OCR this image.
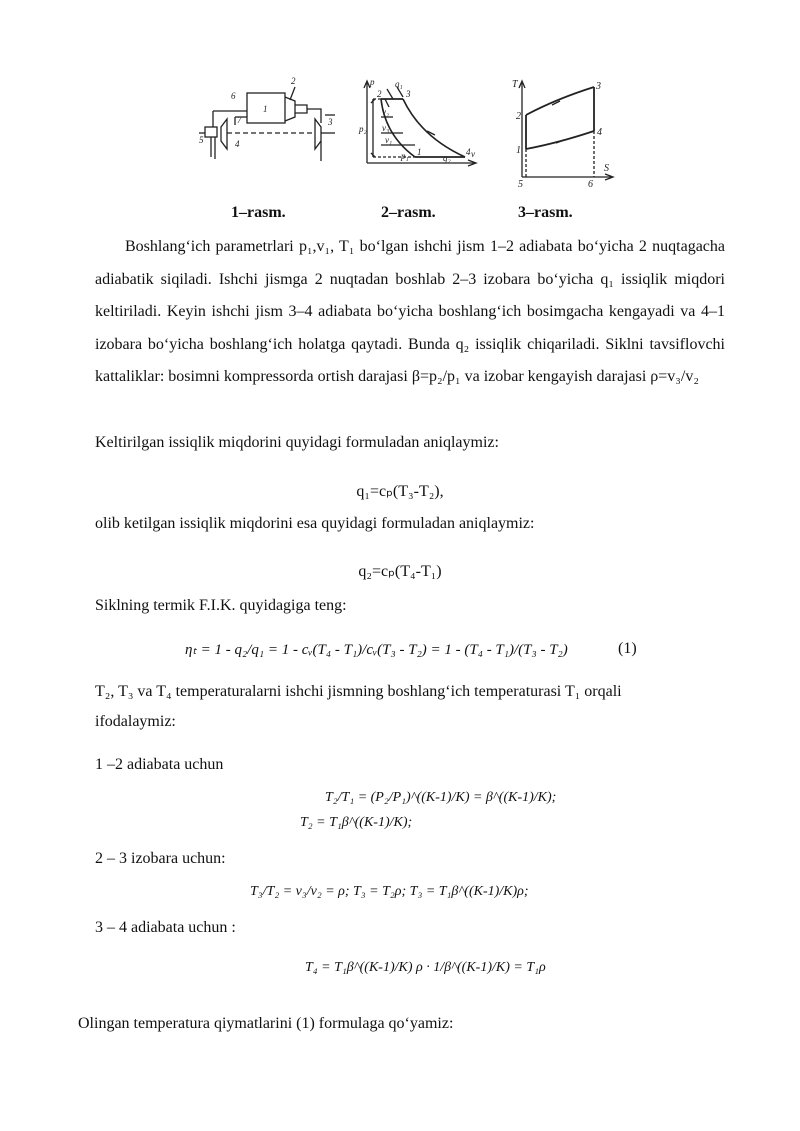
1
2
3
4
5
6
7
p
v
2	3
1	4
p₂
p₁
q₁
q₂
v₂
v₃
v₁
T
S
1
2
3
4
5	6
1–rasm.	2–rasm.	3–rasm.
Boshlang‘ich parametrlari p₁,v₁, T₁ bo‘lgan ishchi jism 1–2 adiabata bo‘yicha 2 nuqtagacha adiabatik siqiladi. Ishchi jismga 2 nuqtadan boshlab 2–3 izobara bo‘yicha q₁ issiqlik miqdori keltiriladi. Keyin ishchi jism 3–4 adiabata bo‘yicha boshlang‘ich bosimgacha kengayadi va 4–1 izobara bo‘yicha boshlang‘ich holatga qaytadi. Bunda q₂ issiqlik chiqariladi. Siklni tavsiflovchi kattaliklar: bosimni kompressorda ortish darajasi β=p₂/p₁ va izobar kengayish darajasi ρ=v₃/v₂
Keltirilgan issiqlik miqdorini quyidagi formuladan aniqlaymiz:
q₁=cₚ(T₃-T₂),
olib ketilgan issiqlik miqdorini esa quyidagi formuladan aniqlaymiz:
q₂=cₚ(T₄-T₁)
Siklning termik F.I.K. quyidagiga teng:
ηₜ = 1 - q₂/q₁ = 1 - cᵥ(T₄ - T₁)/cᵥ(T₃ - T₂) = 1 - (T₄ - T₁)/(T₃ - T₂)	(1)
T₂, T₃ va T₄ temperaturalarni ishchi jismning boshlang‘ich temperaturasi T₁ orqali
ifodalaymiz:
1 –2 adiabata uchun
T₂/T₁ = (P₂/P₁)^((K-1)/K) = β^((K-1)/K);
T₂ = T₁β^((K-1)/K);
2 – 3 izobara uchun:
T₃/T₂ = v₃/v₂ = ρ; T₃ = T₂ρ; T₃ = T₁β^((K-1)/K)ρ;
3 – 4 adiabata uchun :
T₄ = T₁β^((K-1)/K) ρ · 1/β^((K-1)/K) = T₁ρ
Olingan temperatura qiymatlarini (1) formulaga qo‘yamiz:
